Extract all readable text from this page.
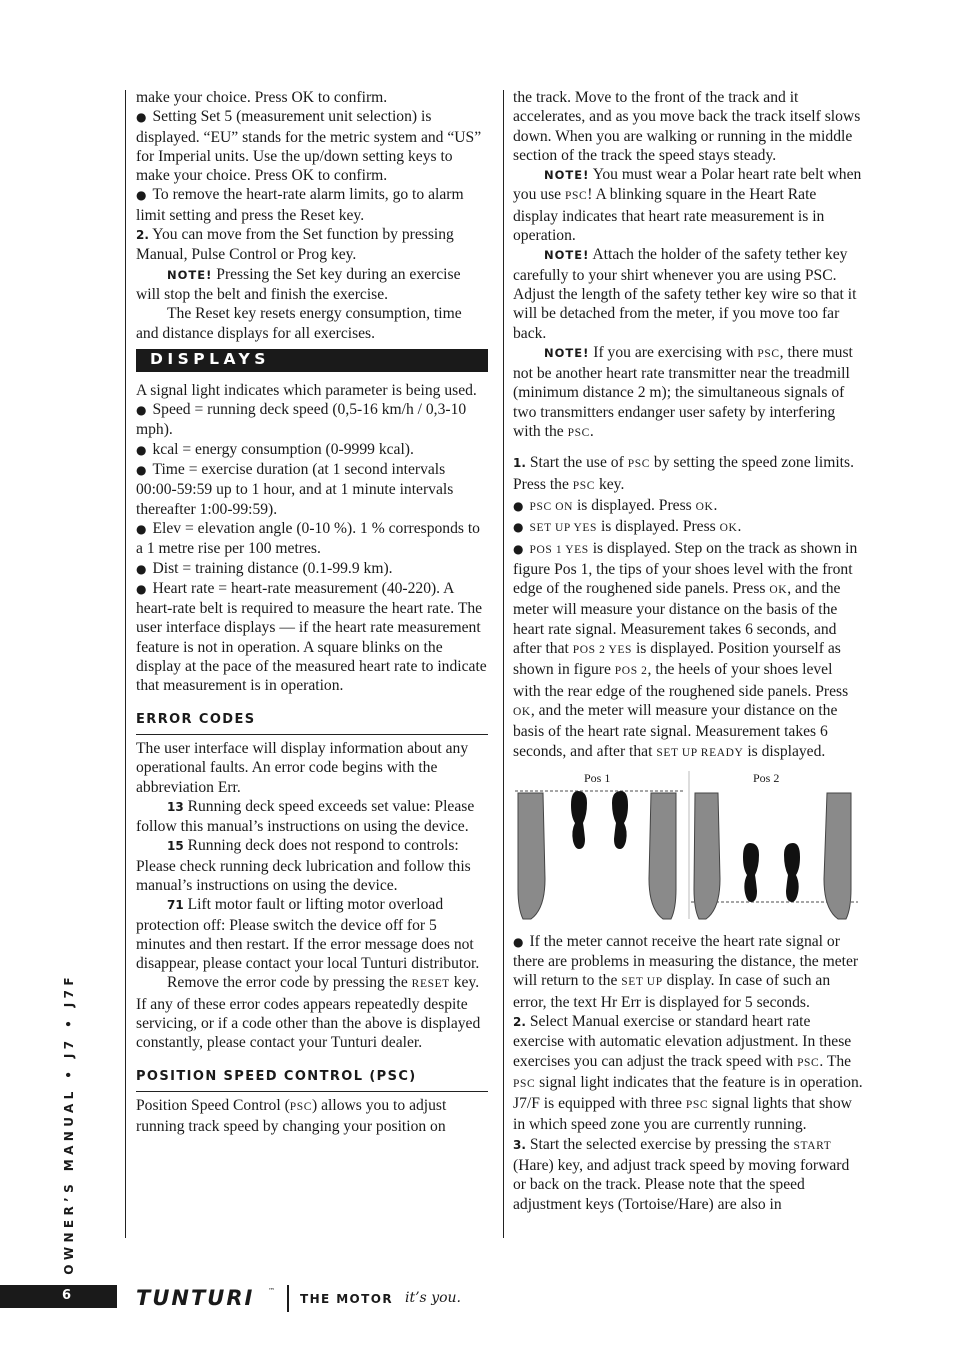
make your choice. Press OK to confirm.

● Setting Set 5 (measurement unit selection) is displayed. “EU” stands for the metric system and “US” for Imperial units. Use the up/down setting keys to make your choice. Press OK to confirm.

● To remove the heart-rate alarm limits, go to alarm limit setting and press the Reset key.

2. You can move from the Set function by pressing Manual, Pulse Control or Prog key.

NOTE! Pressing the Set key during an exercise will stop the belt and finish the exercise.

The Reset key resets energy consumption, time and distance displays for all exercises.

DISPLAYS

A signal light indicates which parameter is being used.

● Speed = running deck speed (0,5-16 km/h / 0,3-10 mph).

● kcal = energy consumption (0-9999 kcal).

● Time = exercise duration (at 1 second intervals 00:00-59:59 up to 1 hour, and at 1 minute intervals thereafter 1:00-99:59).

● Elev = elevation angle (0-10 %). 1 % corresponds to a 1 metre rise per 100 metres.

● Dist = training distance (0.1-99.9 km).

● Heart rate = heart-rate measurement (40-220). A heart-rate belt is required to measure the heart rate. The user interface displays — if the heart rate measurement feature is not in operation. A square blinks on the display at the pace of the measured heart rate to indicate that measurement is in operation.

ERROR CODES

The user interface will display information about any operational faults. An error code begins with the abbreviation Err.

13 Running deck speed exceeds set value: Please follow this manual’s instructions on using the device.

15 Running deck does not respond to controls: Please check running deck lubrication and follow this manual’s instructions on using the device.

71 Lift motor fault or lifting motor overload protection off: Please switch the device off for 5 minutes and then restart. If the error message does not disappear, please contact your local Tunturi distributor.

Remove the error code by pressing the RESET key. If any of these error codes appears repeatedly despite servicing, or if a code other than the above is displayed constantly, please contact your Tunturi dealer.

POSITION SPEED CONTROL (PSC)

Position Speed Control (PSC) allows you to adjust running track speed by changing your position on

the track. Move to the front of the track and it accelerates, and as you move back the track itself slows down. When you are walking or running in the middle section of the track the speed stays steady.

NOTE! You must wear a Polar heart rate belt when you use PSC! A blinking square in the Heart Rate display indicates that heart rate measurement is in operation.

NOTE! Attach the holder of the safety tether key carefully to your shirt whenever you are using PSC. Adjust the length of the safety tether key wire so that it will be detached from the meter, if you move too far back.

NOTE! If you are exercising with PSC, there must not be another heart rate transmitter near the treadmill (minimum distance 2 m); the simultaneous signals of two transmitters endanger user safety by interfering with the PSC.

1. Start the use of PSC by setting the speed zone limits. Press the PSC key.

● PSC ON is displayed. Press OK.

● SET UP YES is displayed. Press OK.

● POS 1 YES is displayed. Step on the track as shown in figure Pos 1, the tips of your shoes level with the front edge of the roughened side panels. Press OK, and the meter will measure your distance on the basis of the heart rate signal. Measurement takes 6 seconds, and after that POS 2 YES is displayed. Position yourself as shown in figure POS 2, the heels of your shoes level with the rear edge of the roughened side panels. Press OK, and the meter will measure your distance on the basis of the heart rate signal. Measurement takes 6 seconds, and after that SET UP READY is displayed.

Pos 1	Pos 2

● If the meter cannot receive the heart rate signal or there are problems in measuring the distance, the meter will return to the SET UP display. In case of such an error, the text Hr Err is displayed for 5 seconds.

2. Select Manual exercise or standard heart rate exercise with automatic elevation adjustment. In these exercises you can adjust the track speed with PSC. The PSC signal light indicates that the feature is in operation. J7/F is equipped with three PSC signal lights that show in which speed zone you are currently running.

3. Start the selected exercise by pressing the START (Hare) key, and adjust track speed by moving forward or back on the track. Please note that the speed adjustment keys (Tortoise/Hare) are also in

OWNER’S MANUAL • J7 • J7F
6	TUNTURI ™
THE MOTOR it’s you.
